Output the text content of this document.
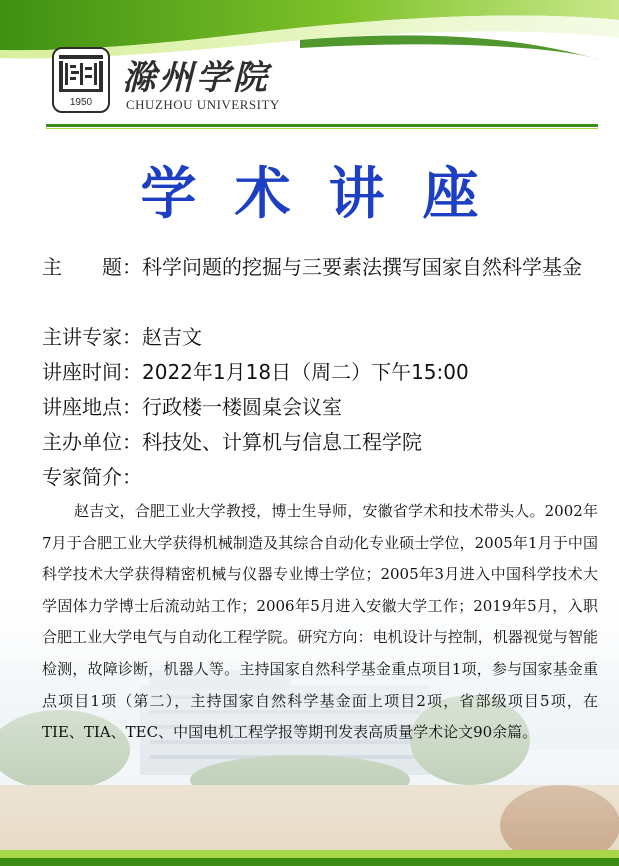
1950
滁州学院
CHUZHOU UNIVERSITY
学术讲座
主　　题：科学问题的挖掘与三要素法撰写国家自然科学基金
主讲专家：赵吉文
讲座时间：2022年1月18日（周二）下午15:00
讲座地点：行政楼一楼圆桌会议室
主办单位：科技处、计算机与信息工程学院
专家简介：
赵吉文，合肥工业大学教授，博士生导师，安徽省学术和技术带头人。2002年7月于合肥工业大学获得机械制造及其综合自动化专业硕士学位，2005年1月于中国科学技术大学获得精密机械与仪器专业博士学位；2005年3月进入中国科学技术大学固体力学博士后流动站工作；2006年5月进入安徽大学工作；2019年5月，入职合肥工业大学电气与自动化工程学院。研究方向：电机设计与控制，机器视觉与智能检测，故障诊断，机器人等。主持国家自然科学基金重点项目1项，参与国家基金重点项目1项（第二），主持国家自然科学基金面上项目2项，省部级项目5项，在TIE、TIA、TEC、中国电机工程学报等期刊发表高质量学术论文90余篇。
